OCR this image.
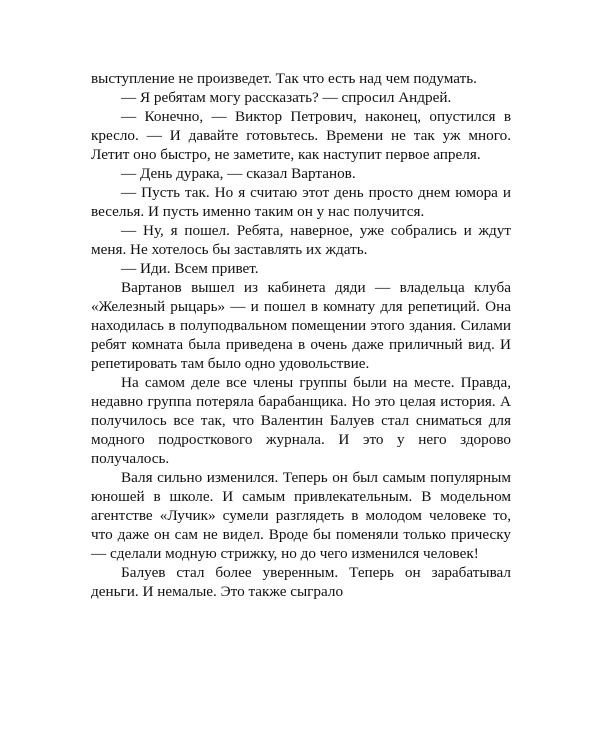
выступление не произведет. Так что есть над чем подумать.

— Я ребятам могу рассказать? — спросил Андрей.

— Конечно, — Виктор Петрович, наконец, опустился в кресло. — И давайте готовьтесь. Времени не так уж много. Летит оно быстро, не заметите, как наступит первое апреля.

— День дурака, — сказал Вартанов.

— Пусть так. Но я считаю этот день просто днем юмора и веселья. И пусть именно таким он у нас получится.

— Ну, я пошел. Ребята, наверное, уже собрались и ждут меня. Не хотелось бы заставлять их ждать.

— Иди. Всем привет.

Вартанов вышел из кабинета дяди — владельца клуба «Железный рыцарь» — и пошел в комнату для репетиций. Она находилась в полуподвальном помещении этого здания. Силами ребят комната была приведена в очень даже приличный вид. И репетировать там было одно удовольствие.

На самом деле все члены группы были на месте. Правда, недавно группа потеряла барабанщика. Но это целая история. А получилось все так, что Валентин Балуев стал сниматься для модного подросткового журнала. И это у него здорово получалось.

Валя сильно изменился. Теперь он был самым популярным юношей в школе. И самым привлекательным. В модельном агентстве «Лучик» сумели разглядеть в молодом человеке то, что даже он сам не видел. Вроде бы поменяли только прическу — сделали модную стрижку, но до чего изменился человек!

Балуев стал более уверенным. Теперь он зарабатывал деньги. И немалые. Это также сыграло
